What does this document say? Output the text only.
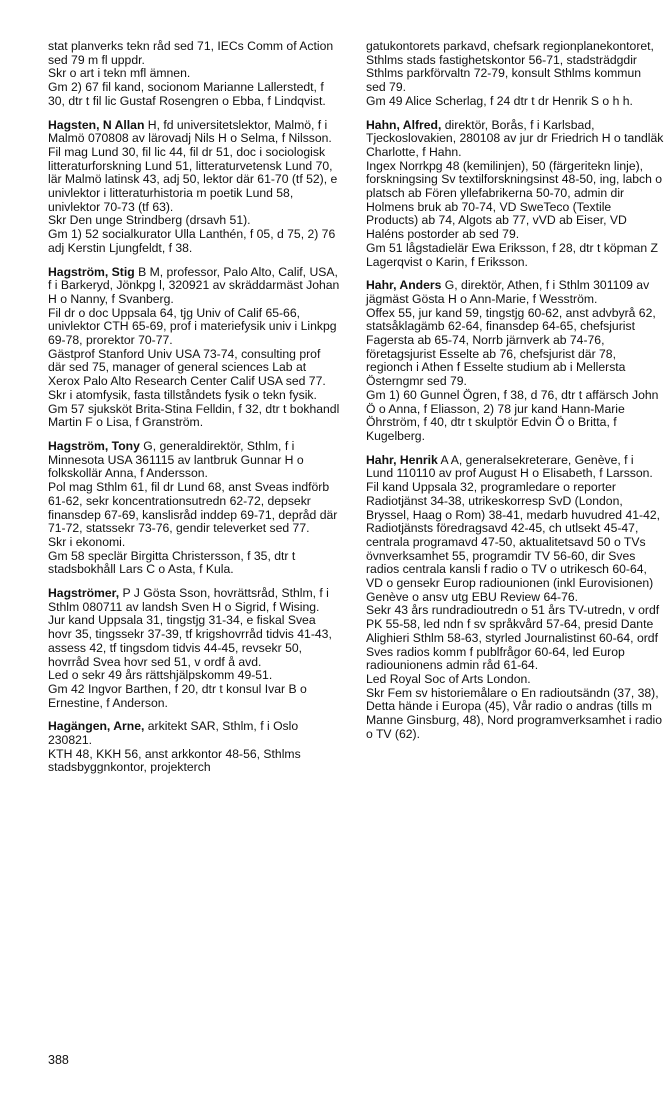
stat planverks tekn råd sed 71, IECs Comm of Action sed 79 m fl uppdr.

Skr o art i tekn mfl ämnen.

Gm 2) 67 fil kand, socionom Marianne Lallerstedt, f 30, dtr t fil lic Gustaf Rosengren o Ebba, f Lindqvist.

Hagsten, N Allan H, fd universitetslektor, Malmö, f i Malmö 070808 av lärovadj Nils H o Selma, f Nilsson.

Fil mag Lund 30, fil lic 44, fil dr 51, doc i sociologisk litteraturforskning Lund 51, litteraturvetensk Lund 70, lär Malmö latinsk 43, adj 50, lektor där 61-70 (tf 52), e univlektor i litteraturhistoria m poetik Lund 58, univlektor 70-73 (tf 63).

Skr Den unge Strindberg (drsavh 51).

Gm 1) 52 socialkurator Ulla Lanthén, f 05, d 75, 2) 76 adj Kerstin Ljungfeldt, f 38.

Hagström, Stig B M, professor, Palo Alto, Calif, USA, f i Barkeryd, Jönkpg l, 320921 av skräddarmäst Johan H o Nanny, f Svanberg.

Fil dr o doc Uppsala 64, tjg Univ of Calif 65-66, univlektor CTH 65-69, prof i materiefysik univ i Linkpg 69-78, prorektor 70-77.

Gästprof Stanford Univ USA 73-74, consulting prof där sed 75, manager of general sciences Lab at Xerox Palo Alto Research Center Calif USA sed 77.

Skr i atomfysik, fasta tillståndets fysik o tekn fysik.

Gm 57 sjuksköt Brita-Stina Felldin, f 32, dtr t bokhandl Martin F o Lisa, f Granström.

Hagström, Tony G, generaldirektör, Sthlm, f i Minnesota USA 361115 av lantbruk Gunnar H o folkskollär Anna, f Andersson.

Pol mag Sthlm 61, fil dr Lund 68, anst Sveas indförb 61-62, sekr koncentrationsutredn 62-72, depsekr finansdep 67-69, kanslisråd inddep 69-71, depråd där 71-72, statssekr 73-76, gendir televerket sed 77.

Skr i ekonomi.

Gm 58 speclär Birgitta Christersson, f 35, dtr t stadsbokhåll Lars C o Asta, f Kula.

Hagströmer, P J Gösta Sson, hovrättsråd, Sthlm, f i Sthlm 080711 av landsh Sven H o Sigrid, f Wising.

Jur kand Uppsala 31, tingstjg 31-34, e fiskal Svea hovr 35, tingssekr 37-39, tf krigshovrråd tidvis 41-43, assess 42, tf tingsdom tidvis 44-45, revsekr 50, hovrråd Svea hovr sed 51, v ordf å avd.

Led o sekr 49 års rättshjälpskomm 49-51.

Gm 42 Ingvor Barthen, f 20, dtr t konsul Ivar B o Ernestine, f Anderson.

Hagängen, Arne, arkitekt SAR, Sthlm, f i Oslo 230821.

KTH 48, KKH 56, anst arkkontor 48-56, Sthlms stadsbyggnkontor, projekterch

gatukontorets parkavd, chefsark regionplanekontoret, Sthlms stads fastighetskontor 56-71, stadsträdgdir Sthlms parkförvaltn 72-79, konsult Sthlms kommun sed 79.

Gm 49 Alice Scherlag, f 24 dtr t dr Henrik S o h h.

Hahn, Alfred, direktör, Borås, f i Karlsbad, Tjeckoslovakien, 280108 av jur dr Friedrich H o tandläk Charlotte, f Hahn.

Ingex Norrkpg 48 (kemilinjen), 50 (färgeritekn linje), forskningsing Sv textilforskningsinst 48-50, ing, labch o platsch ab Fören yllefabrikerna 50-70, admin dir Holmens bruk ab 70-74, VD SweTeco (Textile Products) ab 74, Algots ab 77, vVD ab Eiser, VD Haléns postorder ab sed 79.

Gm 51 lågstadielär Ewa Eriksson, f 28, dtr t köpman Z Lagerqvist o Karin, f Eriksson.

Hahr, Anders G, direktör, Athen, f i Sthlm 301109 av jägmäst Gösta H o Ann-Marie, f Wesström.

Offex 55, jur kand 59, tingstjg 60-62, anst advbyrå 62, statsåklagämb 62-64, finansdep 64-65, chefsjurist Fagersta ab 65-74, Norrb järnverk ab 74-76, företagsjurist Esselte ab 76, chefsjurist där 78, regionch i Athen f Esselte studium ab i Mellersta Österngmr sed 79.

Gm 1) 60 Gunnel Ögren, f 38, d 76, dtr t affärsch John Ö o Anna, f Eliasson, 2) 78 jur kand Hann-Marie Öhrström, f 40, dtr t skulptör Edvin Ö o Britta, f Kugelberg.

Hahr, Henrik A A, generalsekreterare, Genève, f i Lund 110110 av prof August H o Elisabeth, f Larsson.

Fil kand Uppsala 32, programledare o reporter Radiotjänst 34-38, utrikeskorresp SvD (London, Bryssel, Haag o Rom) 38-41, medarb huvudred 41-42, Radiotjänsts föredragsavd 42-45, ch utlsekt 45-47, centrala programavd 47-50, aktualitetsavd 50 o TVs övnverksamhet 55, programdir TV 56-60, dir Sves radios centrala kansli f radio o TV o utrikesch 60-64, VD o gensekr Europ radiounionen (inkl Eurovisionen) Genève o ansv utg EBU Review 64-76.

Sekr 43 års rundradioutredn o 51 års TV-utredn, v ordf PK 55-58, led ndn f sv språkvård 57-64, presid Dante Alighieri Sthlm 58-63, styrled Journalistinst 60-64, ordf Sves radios komm f publfrågor 60-64, led Europ radiounionens admin råd 61-64.

Led Royal Soc of Arts London.

Skr Fem sv historiemålare o En radioutsändn (37, 38), Detta hände i Europa (45), Vår radio o andras (tills m Manne Ginsburg, 48), Nord programverksamhet i radio o TV (62).

388
